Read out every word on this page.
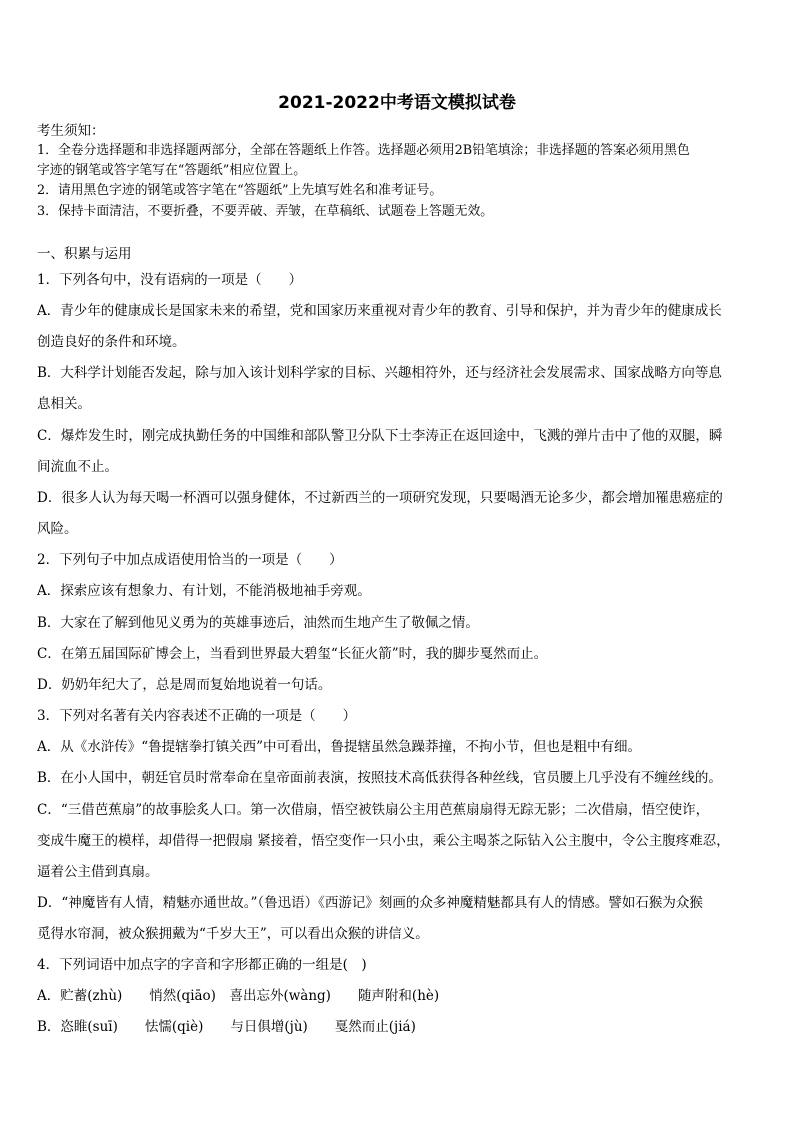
2021-2022中考语文模拟试卷
考生须知：
1．全卷分选择题和非选择题两部分，全部在答题纸上作答。选择题必须用2B铅笔填涂；非选择题的答案必须用黑色
字迹的钢笔或答字笔写在“答题纸”相应位置上。
2．请用黑色字迹的钢笔或答字笔在“答题纸”上先填写姓名和准考证号。
3．保持卡面清洁，不要折叠，不要弄破、弄皱，在草稿纸、试题卷上答题无效。
一、积累与运用
1．下列各句中，没有语病的一项是（　　）
A．青少年的健康成长是国家未来的希望，党和国家历来重视对青少年的教育、引导和保护，并为青少年的健康成长
创造良好的条件和环境。
B．大科学计划能否发起，除与加入该计划科学家的目标、兴趣相符外，还与经济社会发展需求、国家战略方向等息
息相关。
C．爆炸发生时，刚完成执勤任务的中国维和部队警卫分队下士李涛正在返回途中，飞溅的弹片击中了他的双腿，瞬
间流血不止。
D．很多人认为每天喝一杯酒可以强身健体，不过新西兰的一项研究发现，只要喝酒无论多少，都会增加罹患癌症的
风险。
2．下列句子中加点成语使用恰当的一项是（　　）
A．探索应该有想象力、有计划，不能消极地袖手旁观。
B．大家在了解到他见义勇为的英雄事迹后，油然而生地产生了敬佩之情。
C．在第五届国际矿博会上，当看到世界最大碧玺“长征火箭”时，我的脚步戛然而止。
D．奶奶年纪大了，总是周而复始地说着一句话。
3．下列对名著有关内容表述不正确的一项是（　　）
A．从《水浒传》“鲁提辖拳打镇关西”中可看出，鲁提辖虽然急躁莽撞，不拘小节，但也是粗中有细。
B．在小人国中，朝廷官员时常奉命在皇帝面前表演，按照技术高低获得各种丝线，官员腰上几乎没有不缠丝线的。
C．“三借芭蕉扇”的故事脍炙人口。第一次借扇，悟空被铁扇公主用芭蕉扇扇得无踪无影；二次借扇，悟空使诈，
变成牛魔王的模样，却借得一把假扇 紧接着，悟空变作一只小虫，乘公主喝茶之际钻入公主腹中，令公主腹疼难忍，
逼着公主借到真扇。
D．“神魔皆有人情，精魅亦通世故。”（鲁迅语）《西游记》刻画的众多神魔精魅都具有人的情感。譬如石猴为众猴
觅得水帘洞，被众猴拥戴为“千岁大王”，可以看出众猴的讲信义。
4．下列词语中加点字的字音和字形都正确的一组是(　)
A．贮蓄(zhù)　　悄然(qiāo)　喜出忘外(wàng)　　随声附和(hè)
B．恣睢(suī)　　怯懦(qiè)　　与日俱增(jù)　　戛然而止(jiá)
